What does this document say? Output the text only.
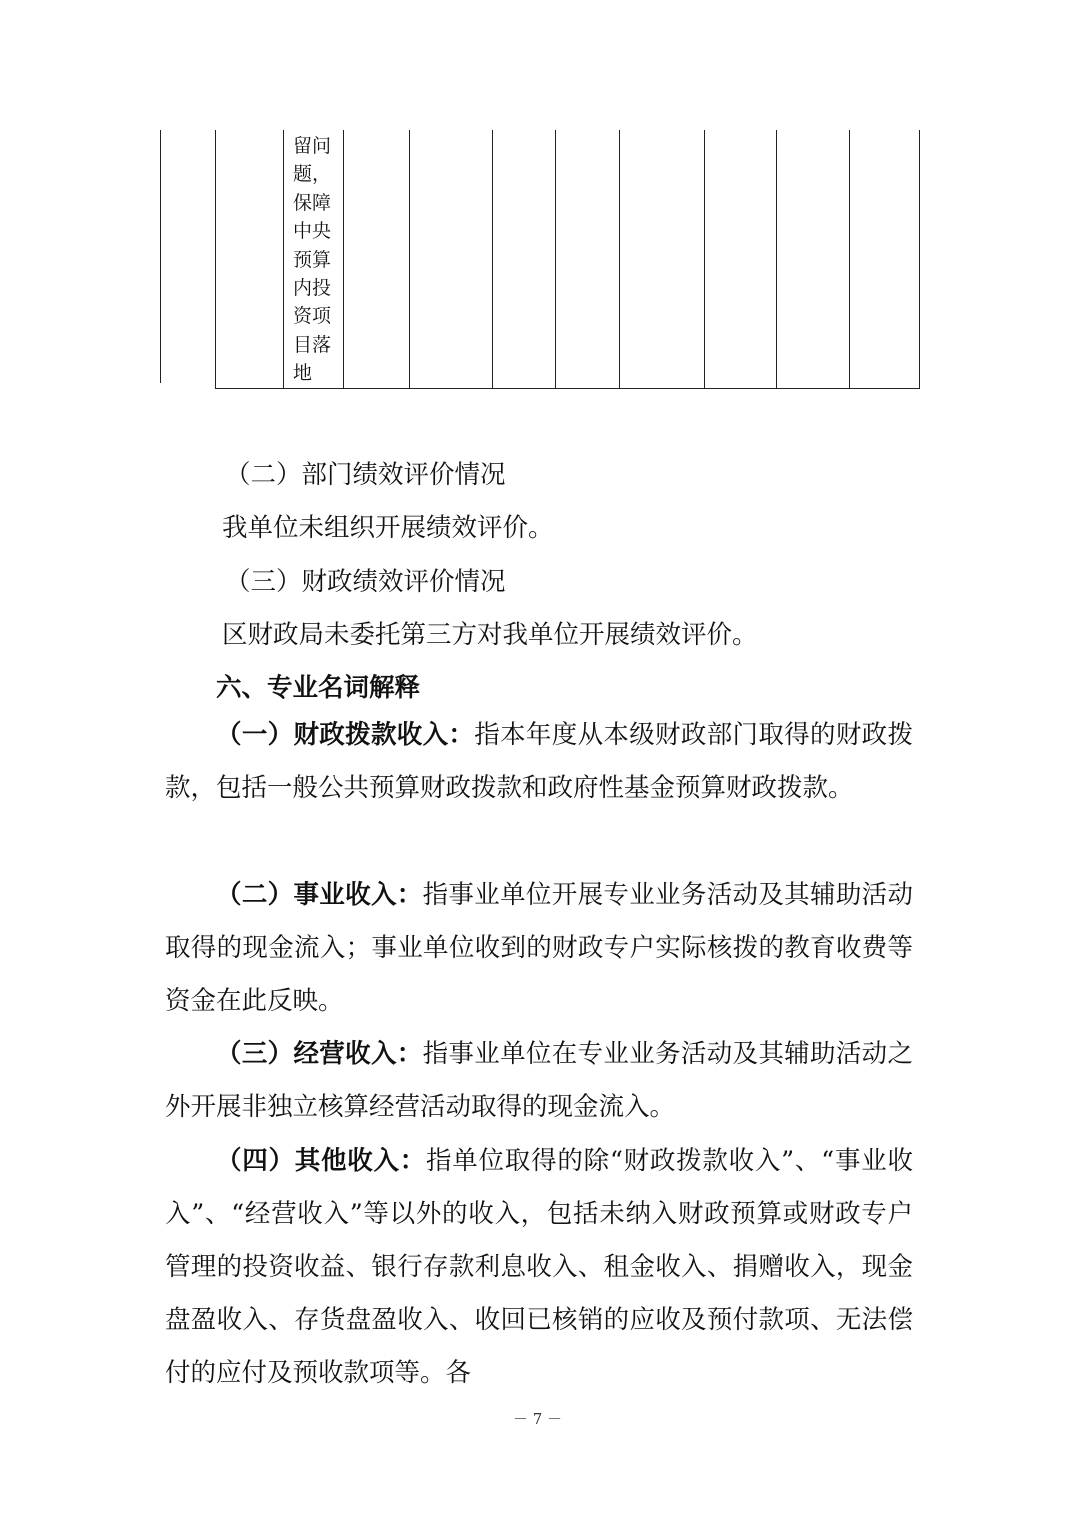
留问题，保障中央预算内投资项目落地

（二）部门绩效评价情况
我单位未组织开展绩效评价。
（三）财政绩效评价情况
区财政局未委托第三方对我单位开展绩效评价。
六、专业名词解释

（一）财政拨款收入：指本年度从本级财政部门取得的财政拨款，包括一般公共预算财政拨款和政府性基金预算财政拨款。

（二）事业收入：指事业单位开展专业业务活动及其辅助活动取得的现金流入；事业单位收到的财政专户实际核拨的教育收费等资金在此反映。

（三）经营收入：指事业单位在专业业务活动及其辅助活动之外开展非独立核算经营活动取得的现金流入。

（四）其他收入：指单位取得的除“财政拨款收入”、“事业收入”、“经营收入”等以外的收入，包括未纳入财政预算或财政专户管理的投资收益、银行存款利息收入、租金收入、捐赠收入，现金盘盈收入、存货盘盈收入、收回已核销的应收及预付款项、无法偿付的应付及预收款项等。各

－ 7 －
